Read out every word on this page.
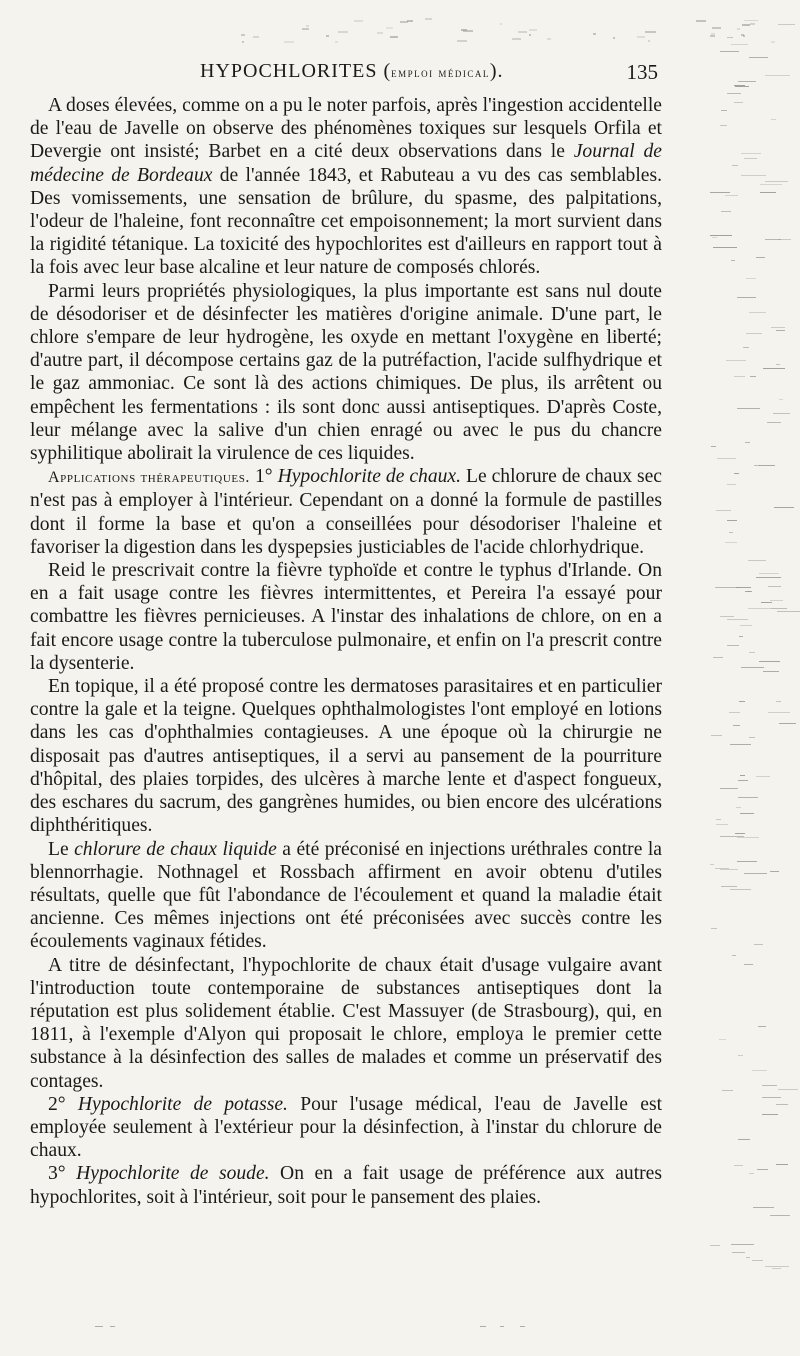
HYPOCHLORITES (emploi médical).	135

A doses élevées, comme on a pu le noter parfois, après l'ingestion accidentelle de l'eau de Javelle on observe des phénomènes toxiques sur lesquels Orfila et Devergie ont insisté; Barbet en a cité deux observations dans le Journal de médecine de Bordeaux de l'année 1843, et Rabuteau a vu des cas semblables. Des vomissements, une sensation de brûlure, du spasme, des palpitations, l'odeur de l'haleine, font reconnaître cet empoisonnement; la mort survient dans la rigidité tétanique. La toxicité des hypochlorites est d'ailleurs en rapport tout à la fois avec leur base alcaline et leur nature de composés chlorés.

Parmi leurs propriétés physiologiques, la plus importante est sans nul doute de désodoriser et de désinfecter les matières d'origine animale. D'une part, le chlore s'empare de leur hydrogène, les oxyde en mettant l'oxygène en liberté; d'autre part, il décompose certains gaz de la putréfaction, l'acide sulfhydrique et le gaz ammoniac. Ce sont là des actions chimiques. De plus, ils arrêtent ou empêchent les fermentations : ils sont donc aussi antiseptiques. D'après Coste, leur mélange avec la salive d'un chien enragé ou avec le pus du chancre syphilitique abolirait la virulence de ces liquides.

Applications thérapeutiques. 1° Hypochlorite de chaux. Le chlorure de chaux sec n'est pas à employer à l'intérieur. Cependant on a donné la formule de pastilles dont il forme la base et qu'on a conseillées pour désodoriser l'haleine et favoriser la digestion dans les dyspepsies justiciables de l'acide chlorhydrique.

Reid le prescrivait contre la fièvre typhoïde et contre le typhus d'Irlande. On en a fait usage contre les fièvres intermittentes, et Pereira l'a essayé pour combattre les fièvres pernicieuses. A l'instar des inhalations de chlore, on en a fait encore usage contre la tuberculose pulmonaire, et enfin on l'a prescrit contre la dysenterie.

En topique, il a été proposé contre les dermatoses parasitaires et en particulier contre la gale et la teigne. Quelques ophthalmologistes l'ont employé en lotions dans les cas d'ophthalmies contagieuses. A une époque où la chirurgie ne disposait pas d'autres antiseptiques, il a servi au pansement de la pourriture d'hôpital, des plaies torpides, des ulcères à marche lente et d'aspect fongueux, des eschares du sacrum, des gangrènes humides, ou bien encore des ulcérations diphthéritiques.

Le chlorure de chaux liquide a été préconisé en injections uréthrales contre la blennorrhagie. Nothnagel et Rossbach affirment en avoir obtenu d'utiles résultats, quelle que fût l'abondance de l'écoulement et quand la maladie était ancienne. Ces mêmes injections ont été préconisées avec succès contre les écoulements vaginaux fétides.

A titre de désinfectant, l'hypochlorite de chaux était d'usage vulgaire avant l'introduction toute contemporaine de substances antiseptiques dont la réputation est plus solidement établie. C'est Massuyer (de Strasbourg), qui, en 1811, à l'exemple d'Alyon qui proposait le chlore, employa le premier cette substance à la désinfection des salles de malades et comme un préservatif des contages.

2° Hypochlorite de potasse. Pour l'usage médical, l'eau de Javelle est employée seulement à l'extérieur pour la désinfection, à l'instar du chlorure de chaux.

3° Hypochlorite de soude. On en a fait usage de préférence aux autres hypochlorites, soit à l'intérieur, soit pour le pansement des plaies.
